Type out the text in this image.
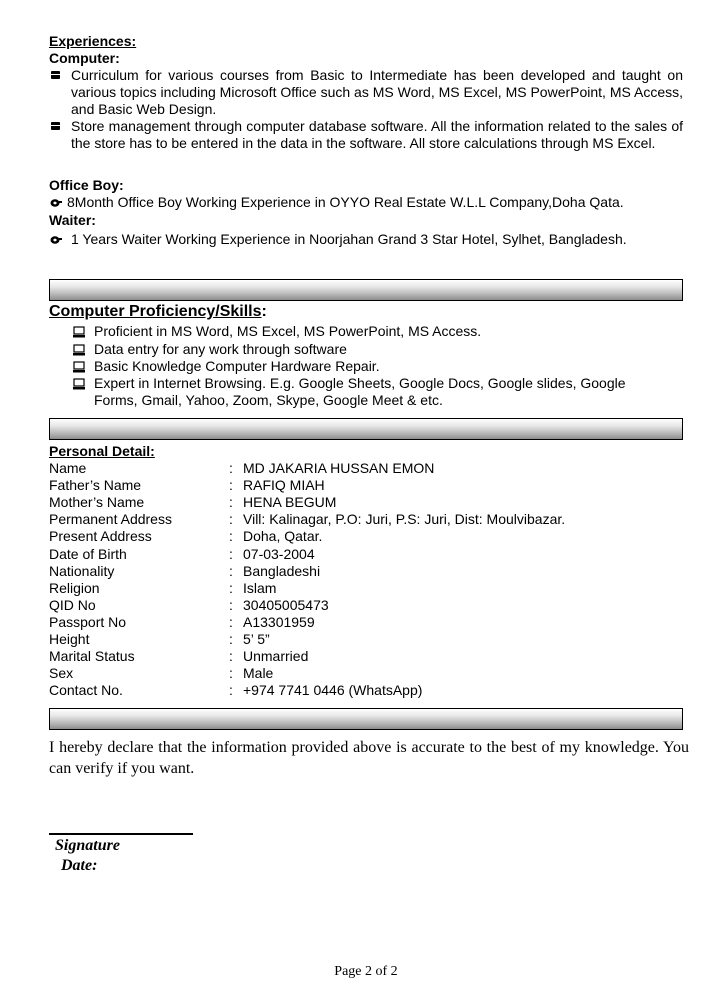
Experiences:
Computer:
Curriculum for various courses from Basic to Intermediate has been developed and taught on various topics including Microsoft Office such as MS Word, MS Excel, MS PowerPoint, MS Access, and Basic Web Design.
Store management through computer database software. All the information related to the sales of the store has to be entered in the data in the software. All store calculations through MS Excel.
Office Boy:
8Month Office Boy Working Experience in OYYO Real Estate W.L.L Company,Doha Qata.
Waiter:
1 Years Waiter Working Experience in Noorjahan Grand 3 Star Hotel, Sylhet, Bangladesh.
Computer Proficiency/Skills:
Proficient in MS Word, MS Excel, MS PowerPoint, MS Access.
Data entry for any work through software
Basic Knowledge Computer Hardware Repair.
Expert in Internet Browsing. E.g. Google Sheets, Google Docs, Google slides, Google Forms, Gmail, Yahoo, Zoom, Skype, Google Meet & etc.
Personal Detail:
Name	: MD JAKARIA HUSSAN EMON
Father’s Name	: RAFIQ MIAH
Mother’s Name	: HENA BEGUM
Permanent Address	: Vill: Kalinagar, P.O: Juri, P.S: Juri, Dist: Moulvibazar.
Present Address	: Doha, Qatar.
Date of Birth	: 07-03-2004
Nationality	: Bangladeshi
Religion	: Islam
QID No	: 30405005473
Passport No	: A13301959
Height	: 5’ 5”
Marital Status	: Unmarried
Sex	: Male
Contact No.	: +974 7741 0446 (WhatsApp)
I hereby declare that the information provided above is accurate to the best of my knowledge. You can verify if you want.
Signature
Date:
Page 2 of 2
